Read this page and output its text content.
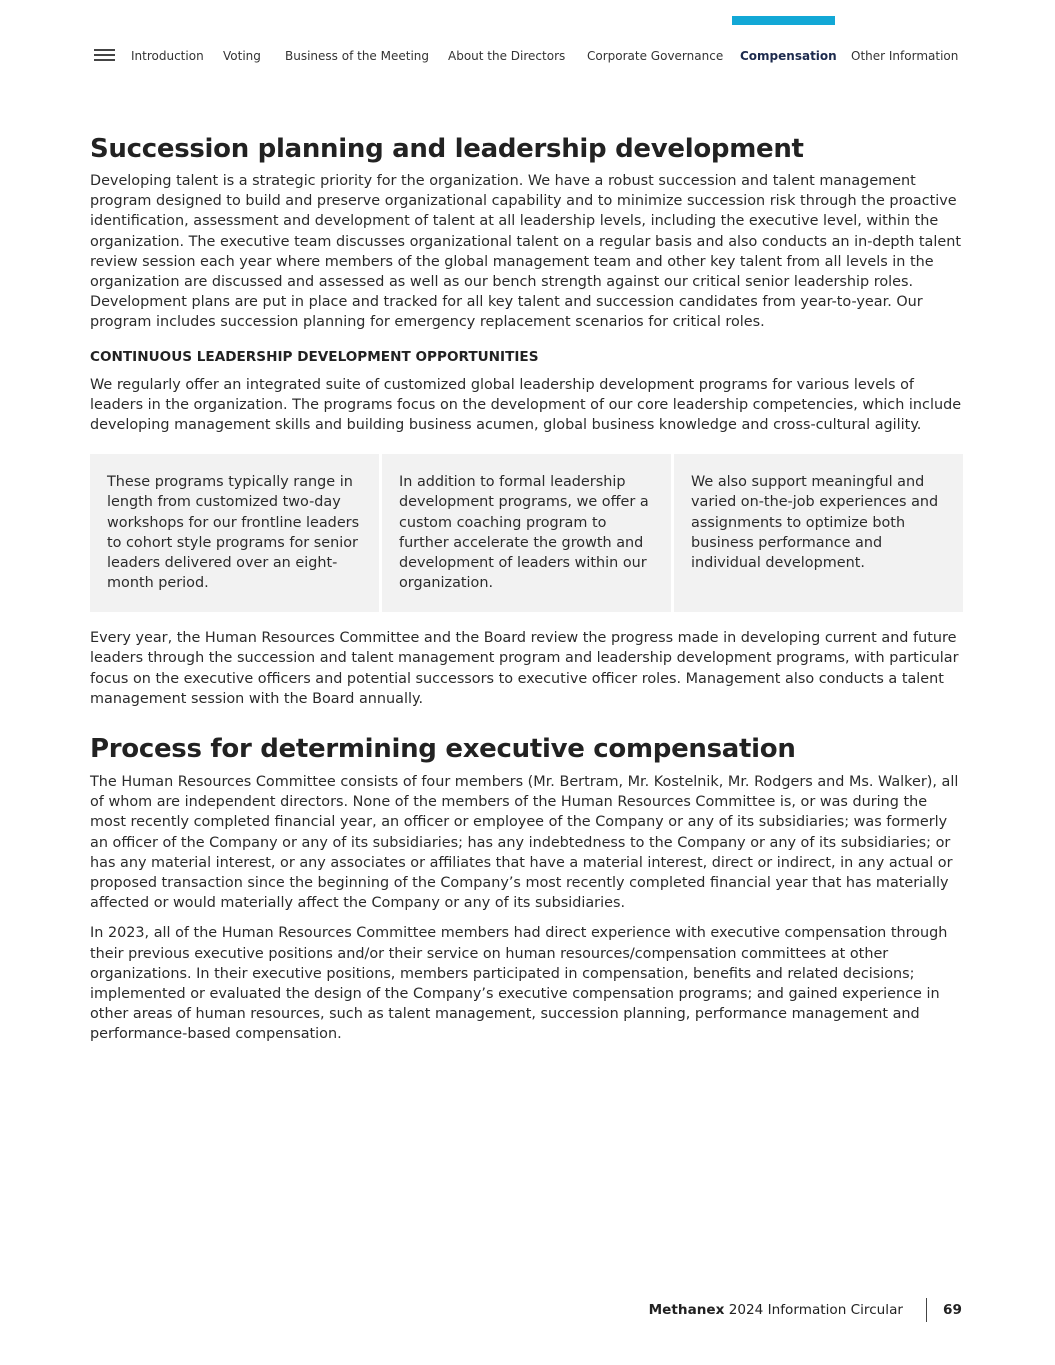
Introduction Voting Business of the Meeting About the Directors Corporate Governance Compensation Other Information
Succession planning and leadership development

Developing talent is a strategic priority for the organization. We have a robust succession and talent management program designed to build and preserve organizational capability and to minimize succession risk through the proactive identification, assessment and development of talent at all leadership levels, including the executive level, within the organization. The executive team discusses organizational talent on a regular basis and also conducts an in-depth talent review session each year where members of the global management team and other key talent from all levels in the organization are discussed and assessed as well as our bench strength against our critical senior leadership roles. Development plans are put in place and tracked for all key talent and succession candidates from year-to-year. Our program includes succession planning for emergency replacement scenarios for critical roles.

CONTINUOUS LEADERSHIP DEVELOPMENT OPPORTUNITIES

We regularly offer an integrated suite of customized global leadership development programs for various levels of leaders in the organization. The programs focus on the development of our core leadership competencies, which include developing management skills and building business acumen, global business knowledge and cross-cultural agility.

These programs typically range in length from customized two-day workshops for our frontline leaders to cohort style programs for senior leaders delivered over an eight-month period.

In addition to formal leadership development programs, we offer a custom coaching program to further accelerate the growth and development of leaders within our organization.

We also support meaningful and varied on-the-job experiences and assignments to optimize both business performance and individual development.

Every year, the Human Resources Committee and the Board review the progress made in developing current and future leaders through the succession and talent management program and leadership development programs, with particular focus on the executive officers and potential successors to executive officer roles. Management also conducts a talent management session with the Board annually.

Process for determining executive compensation

The Human Resources Committee consists of four members (Mr. Bertram, Mr. Kostelnik, Mr. Rodgers and Ms. Walker), all of whom are independent directors. None of the members of the Human Resources Committee is, or was during the most recently completed financial year, an officer or employee of the Company or any of its subsidiaries; was formerly an officer of the Company or any of its subsidiaries; has any indebtedness to the Company or any of its subsidiaries; or has any material interest, or any associates or affiliates that have a material interest, direct or indirect, in any actual or proposed transaction since the beginning of the Company’s most recently completed financial year that has materially affected or would materially affect the Company or any of its subsidiaries.

In 2023, all of the Human Resources Committee members had direct experience with executive compensation through their previous executive positions and/or their service on human resources/compensation committees at other organizations. In their executive positions, members participated in compensation, benefits and related decisions; implemented or evaluated the design of the Company’s executive compensation programs; and gained experience in other areas of human resources, such as talent management, succession planning, performance management and performance-based compensation.

Methanex 2024 Information Circular	69
